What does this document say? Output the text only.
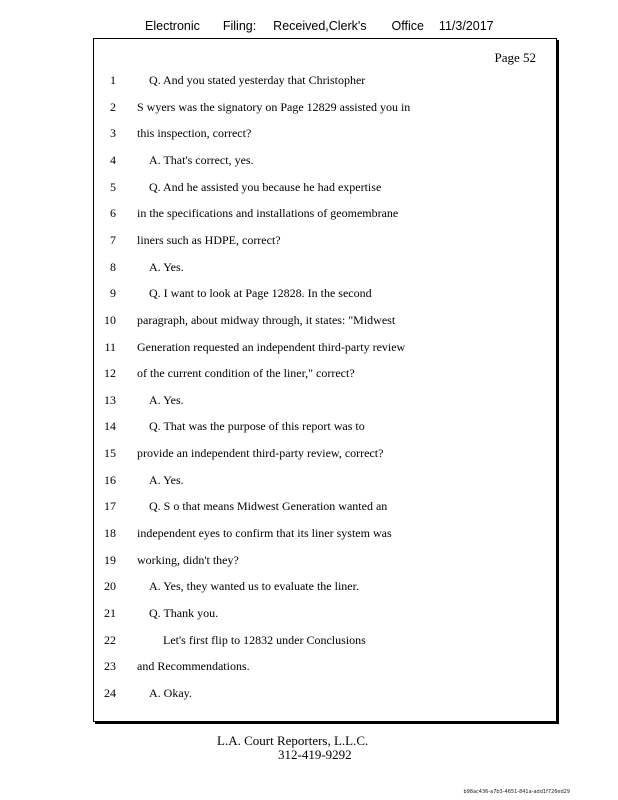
Electronic Filing: Received,Clerk's Office 11/3/2017
Page 52
1	Q. And you stated yesterday that Christopher
2 S wyers was the signatory on Page 12829 assisted you in
3 this inspection, correct?
4	A. That's correct, yes.
5	Q. And he assisted you because he had expertise
6 in the specifications and installations of geomembrane
7 liners such as HDPE, correct?
8	A. Yes.
9	Q. I want to look at Page 12828. In the second
10 paragraph, about midway through, it states: "Midwest
11 Generation requested an independent third-party review
12 of the current condition of the liner," correct?
13	A. Yes.
14	Q. That was the purpose of this report was to
15 provide an independent third-party review, correct?
16	A. Yes.
17	Q. S o that means Midwest Generation wanted an
18 independent eyes to confirm that its liner system was
19 working, didn't they?
20	A. Yes, they wanted us to evaluate the liner.
21	Q. Thank you.
22	Let's first flip to 12832 under Conclusions
23 and Recommendations.
24	A. Okay.
L.A. Court Reporters, L.L.C.
312-419-9292
b98ac436-a7b3-4651-841a-add1f726ed29
